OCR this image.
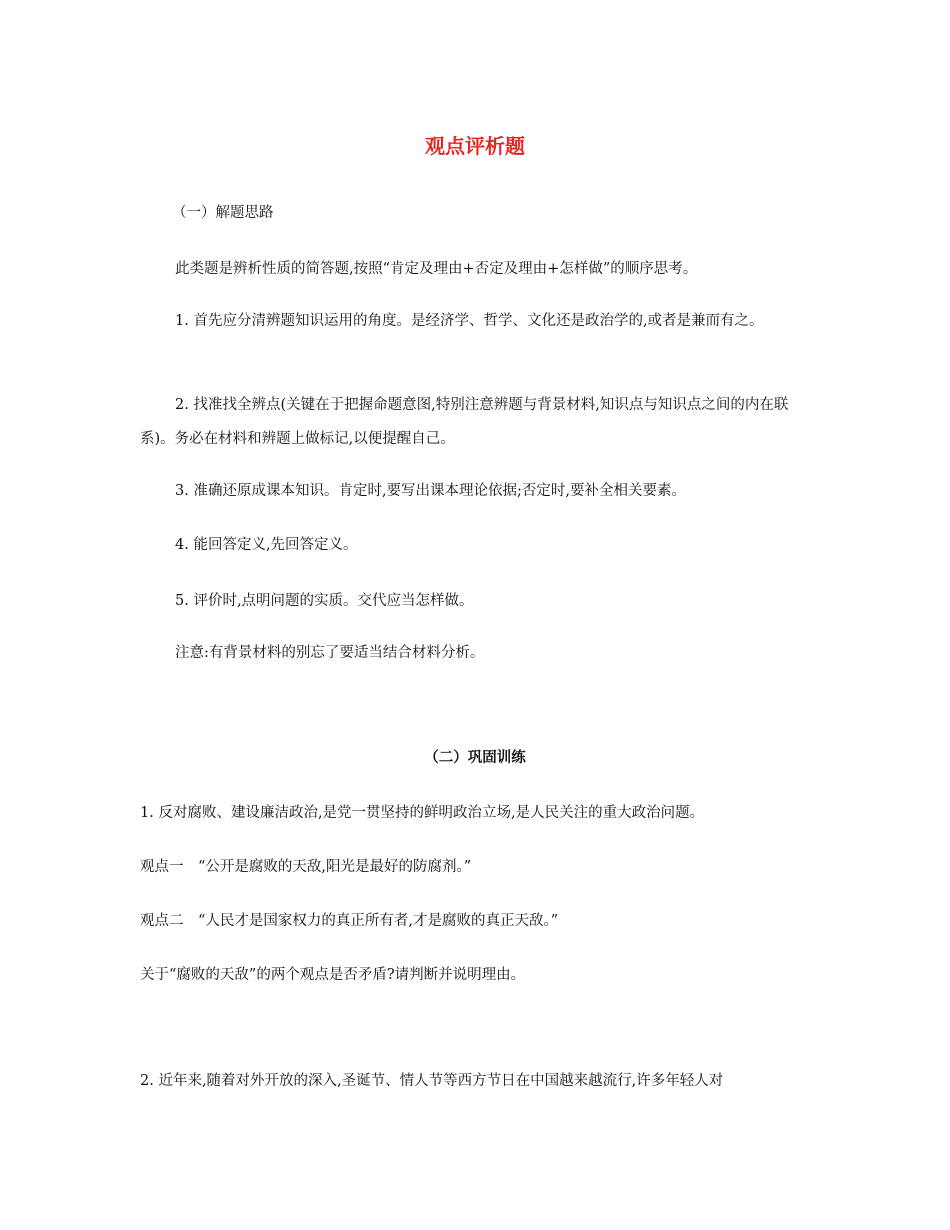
观点评析题
（一）解题思路
此类题是辨析性质的简答题,按照“肯定及理由+否定及理由+怎样做”的顺序思考。
1. 首先应分清辨题知识运用的角度。是经济学、哲学、文化还是政治学的,或者是兼而有之。
2. 找准找全辨点(关键在于把握命题意图,特别注意辨题与背景材料,知识点与知识点之间的内在联系)。务必在材料和辨题上做标记,以便提醒自己。
3. 准确还原成课本知识。肯定时,要写出课本理论依据;否定时,要补全相关要素。
4. 能回答定义,先回答定义。
5. 评价时,点明问题的实质。交代应当怎样做。
注意:有背景材料的别忘了要适当结合材料分析。
（二）巩固训练
1. 反对腐败、建设廉洁政治,是党一贯坚持的鲜明政治立场,是人民关注的重大政治问题。
观点一　“公开是腐败的天敌,阳光是最好的防腐剂。”
观点二　“人民才是国家权力的真正所有者,才是腐败的真正天敌。”
关于“腐败的天敌”的两个观点是否矛盾?请判断并说明理由。
2. 近年来,随着对外开放的深入,圣诞节、情人节等西方节日在中国越来越流行,许多年轻人对
